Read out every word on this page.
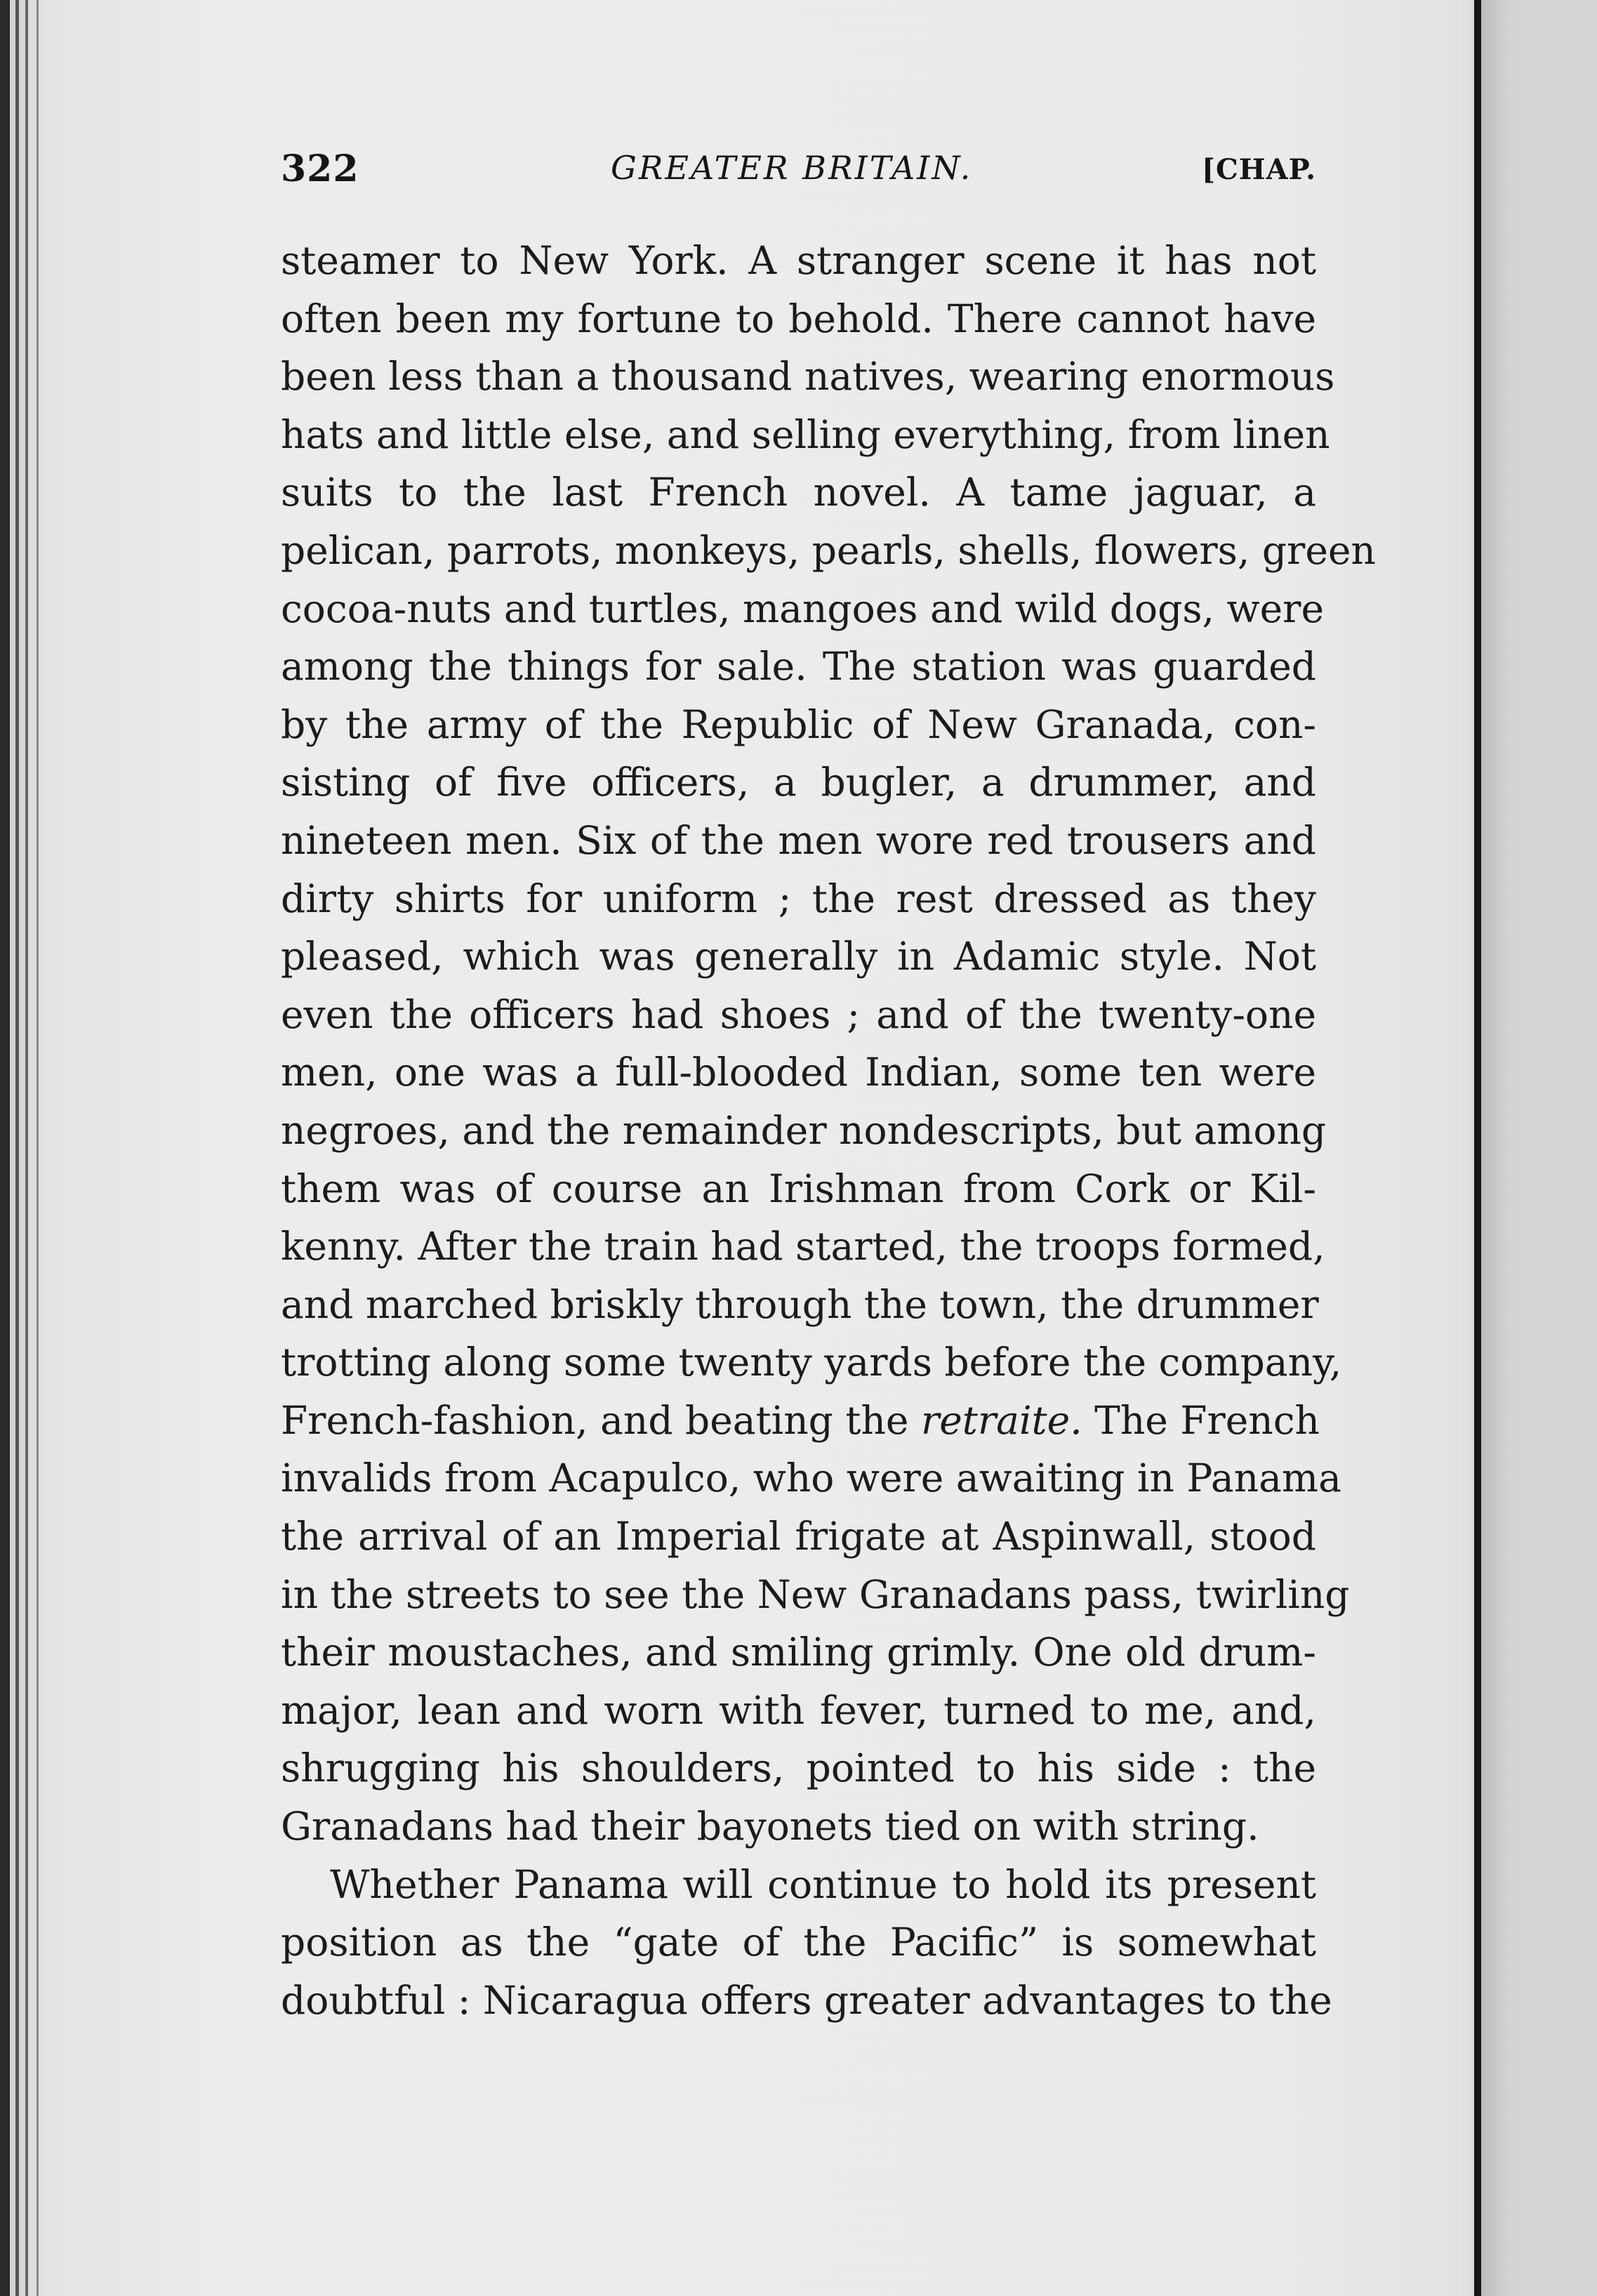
322	GREATER BRITAIN.	[CHAP.
steamer to New York. A stranger scene it has not
often been my fortune to behold. There cannot have
been less than a thousand natives, wearing enormous
hats and little else, and selling everything, from linen
suits to the last French novel. A tame jaguar, a
pelican, parrots, monkeys, pearls, shells, flowers, green
cocoa-nuts and turtles, mangoes and wild dogs, were
among the things for sale. The station was guarded
by the army of the Republic of New Granada, con-
sisting of five officers, a bugler, a drummer, and
nineteen men. Six of the men wore red trousers and
dirty shirts for uniform ; the rest dressed as they
pleased, which was generally in Adamic style. Not
even the officers had shoes ; and of the twenty-one
men, one was a full-blooded Indian, some ten were
negroes, and the remainder nondescripts, but among
them was of course an Irishman from Cork or Kil-
kenny. After the train had started, the troops formed,
and marched briskly through the town, the drummer
trotting along some twenty yards before the company,
French-fashion, and beating the retraite. The French
invalids from Acapulco, who were awaiting in Panama
the arrival of an Imperial frigate at Aspinwall, stood
in the streets to see the New Granadans pass, twirling
their moustaches, and smiling grimly. One old drum-
major, lean and worn with fever, turned to me, and,
shrugging his shoulders, pointed to his side : the
Granadans had their bayonets tied on with string.
Whether Panama will continue to hold its present
position as the “gate of the Pacific” is somewhat
doubtful : Nicaragua offers greater advantages to the
